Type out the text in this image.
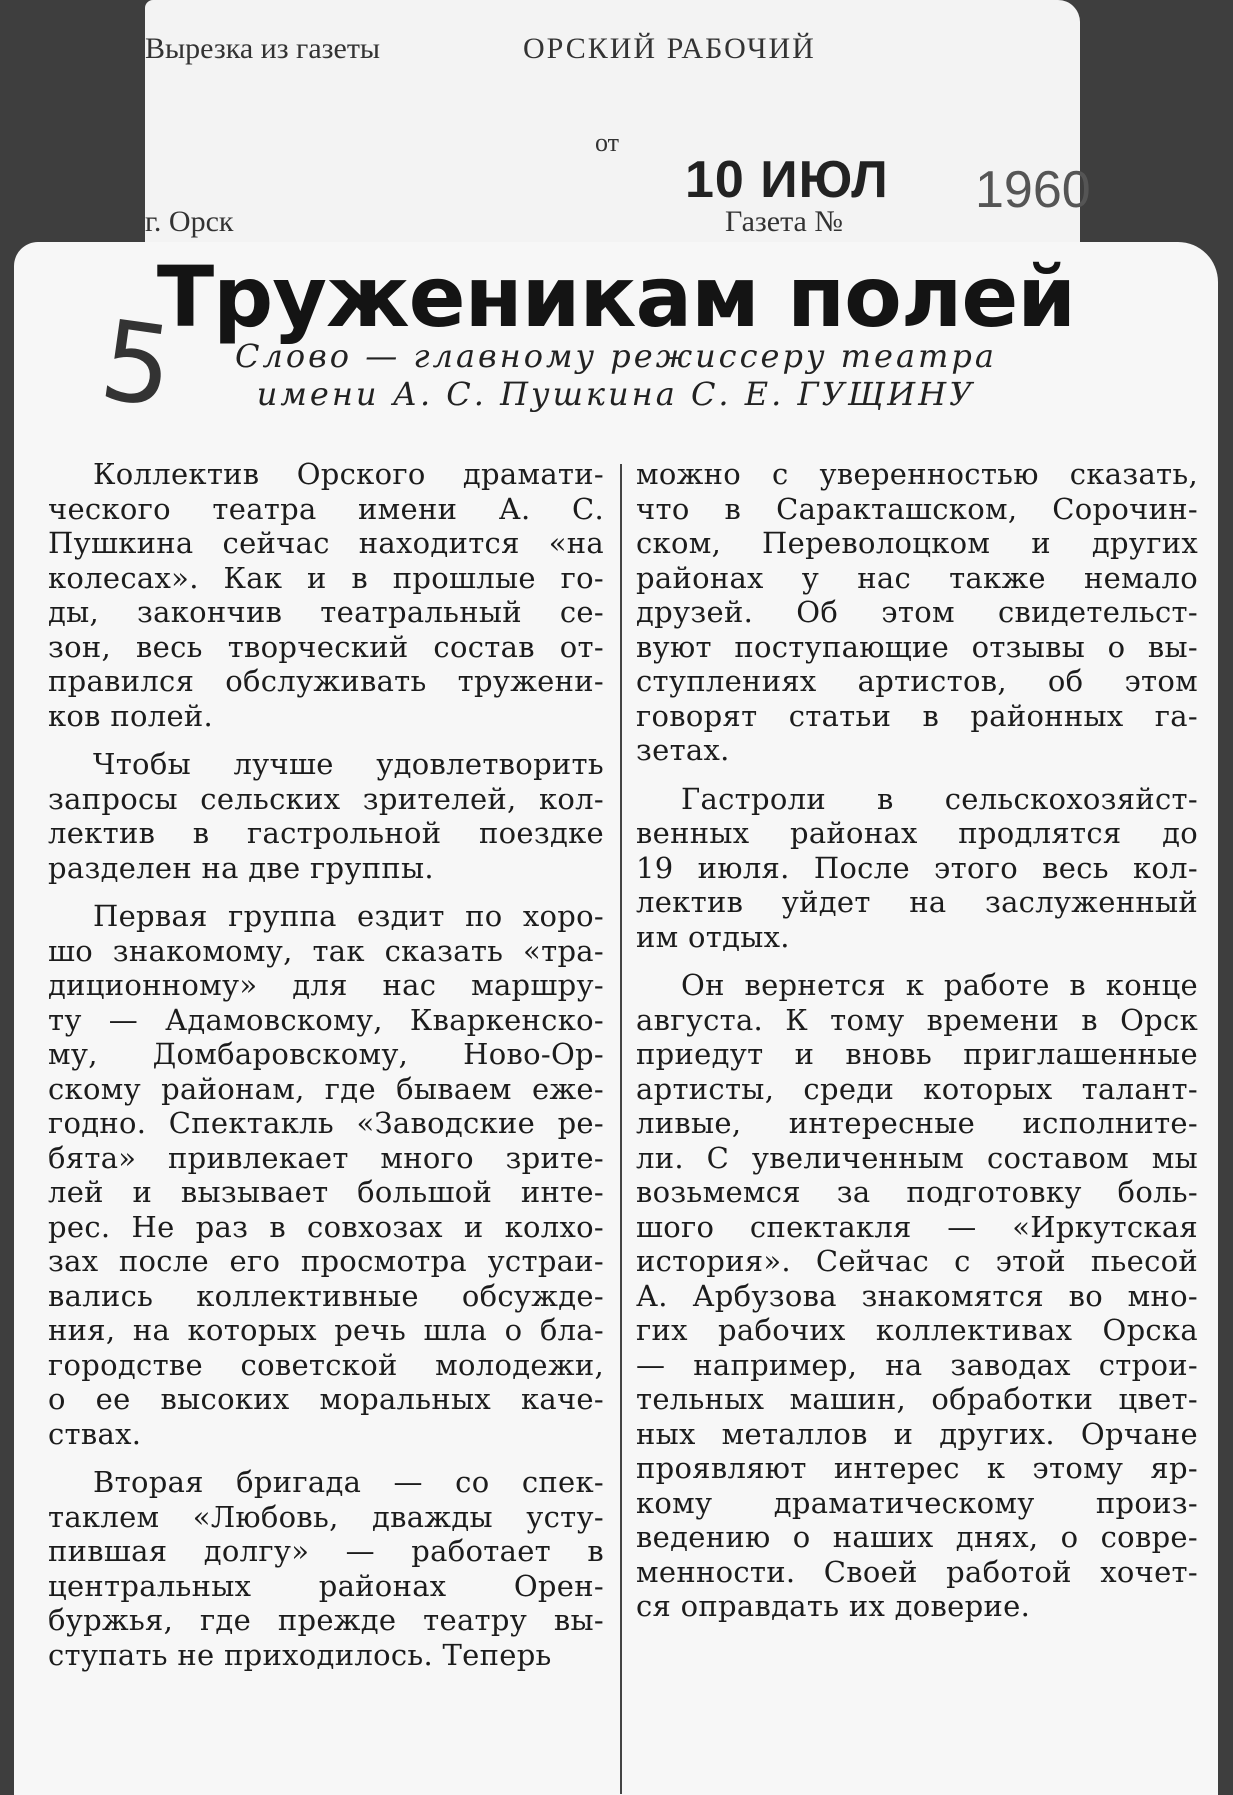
Вырезка из газеты	ОРСКИЙ РАБОЧИЙ
от
10 ИЮЛ 1960
г. Орск	Газета №
Труженикам полей
5	Слово — главному режиссеру театра
имени А. С. Пушкина С. Е. ГУЩИНУ
Коллектив Орского драмати-
ческого театра имени А. С.
Пушкина сейчас находится «на
колесах». Как и в прошлые го-
ды, закончив театральный се-
зон, весь творческий состав от-
правился обслуживать тружени-
ков полей.
Чтобы лучше удовлетворить
запросы сельских зрителей, кол-
лектив в гастрольной поездке
разделен на две группы.
Первая группа ездит по хоро-
шо знакомому, так сказать «тра-
диционному» для нас маршру-
ту — Адамовскому, Кваркенско-
му, Домбаровскому, Ново-Ор-
скому районам, где бываем еже-
годно. Спектакль «Заводские ре-
бята» привлекает много зрите-
лей и вызывает большой инте-
рес. Не раз в совхозах и колхо-
зах после его просмотра устраи-
вались коллективные обсужде-
ния, на которых речь шла о бла-
городстве советской молодежи,
о ее высоких моральных каче-
ствах.
Вторая бригада — со спек-
таклем «Любовь, дважды усту-
пившая долгу» — работает в
центральных районах Орен-
буржья, где прежде театру вы-
ступать не приходилось. Теперь
можно с уверенностью сказать,
что в Саракташском, Сорочин-
ском, Переволоцком и других
районах у нас также немало
друзей. Об этом свидетельст-
вуют поступающие отзывы о вы-
ступлениях артистов, об этом
говорят статьи в районных га-
зетах.
Гастроли в сельскохозяйст-
венных районах продлятся до
19 июля. После этого весь кол-
лектив уйдет на заслуженный
им отдых.
Он вернется к работе в конце
августа. К тому времени в Орск
приедут и вновь приглашенные
артисты, среди которых талант-
ливые, интересные исполните-
ли. С увеличенным составом мы
возьмемся за подготовку боль-
шого спектакля — «Иркутская
история». Сейчас с этой пьесой
А. Арбузова знакомятся во мно-
гих рабочих коллективах Орска
— например, на заводах строи-
тельных машин, обработки цвет-
ных металлов и других. Орчане
проявляют интерес к этому яр-
кому драматическому произ-
ведению о наших днях, о совре-
менности. Своей работой хочет-
ся оправдать их доверие.
